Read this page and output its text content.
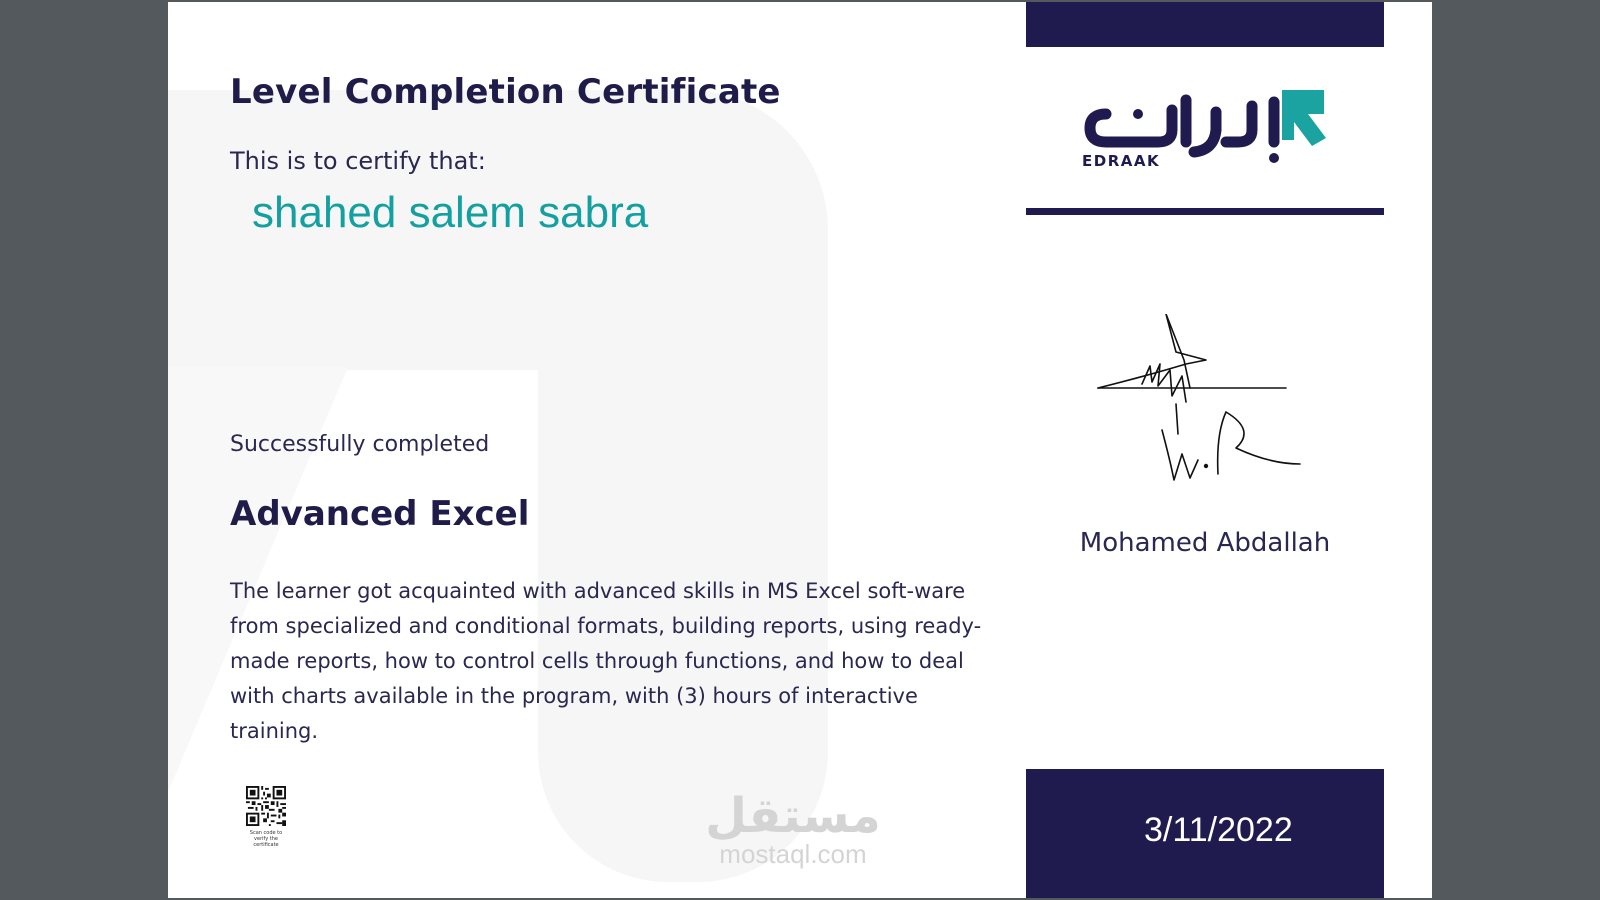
Level Completion Certificate
This is to certify that:
shahed salem sabra
Successfully completed
Advanced Excel

The learner got acquainted with advanced skills in MS Excel soft-ware from specialized and conditional formats, building reports, using ready-made reports, how to control cells through functions, and how to deal with charts available in the program, with (3) hours of interactive training.

Scan code to verify the certificate
مستقل
mostaql.com
EDRAAK
Mohamed Abdallah
3/11/2022
